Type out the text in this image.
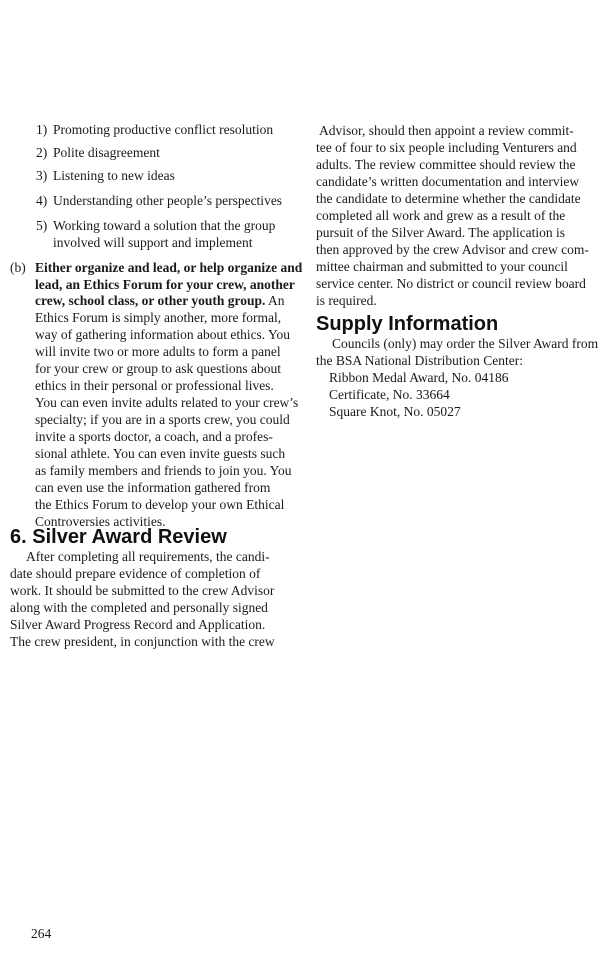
1) Promoting productive conflict resolution
2) Polite disagreement
3) Listening to new ideas
4) Understanding other people’s perspectives
5) Working toward a solution that the group
involved will support and implement
(b) Either organize and lead, or help organize and
lead, an Ethics Forum for your crew, another
crew, school class, or other youth group. An
Ethics Forum is simply another, more formal,
way of gathering information about ethics. You
will invite two or more adults to form a panel
for your crew or group to ask questions about
ethics in their personal or professional lives.
You can even invite adults related to your crew’s
specialty; if you are in a sports crew, you could
invite a sports doctor, a coach, and a profes-
sional athlete. You can even invite guests such
as family members and friends to join you. You
can even use the information gathered from
the Ethics Forum to develop your own Ethical
Controversies activities.
6. Silver Award Review
After completing all requirements, the candi-
date should prepare evidence of completion of
work. It should be submitted to the crew Advisor
along with the completed and personally signed
Silver Award Progress Record and Application.
The crew president, in conjunction with the crew
Advisor, should then appoint a review commit-
tee of four to six people including Venturers and
adults. The review committee should review the
candidate’s written documentation and interview
the candidate to determine whether the candidate
completed all work and grew as a result of the
pursuit of the Silver Award. The application is
then approved by the crew Advisor and crew com-
mittee chairman and submitted to your council
service center. No district or council review board
is required.
Supply Information
Councils (only) may order the Silver Award from
the BSA National Distribution Center:
Ribbon Medal Award, No. 04186
Certificate, No. 33664
Square Knot, No. 05027
264
